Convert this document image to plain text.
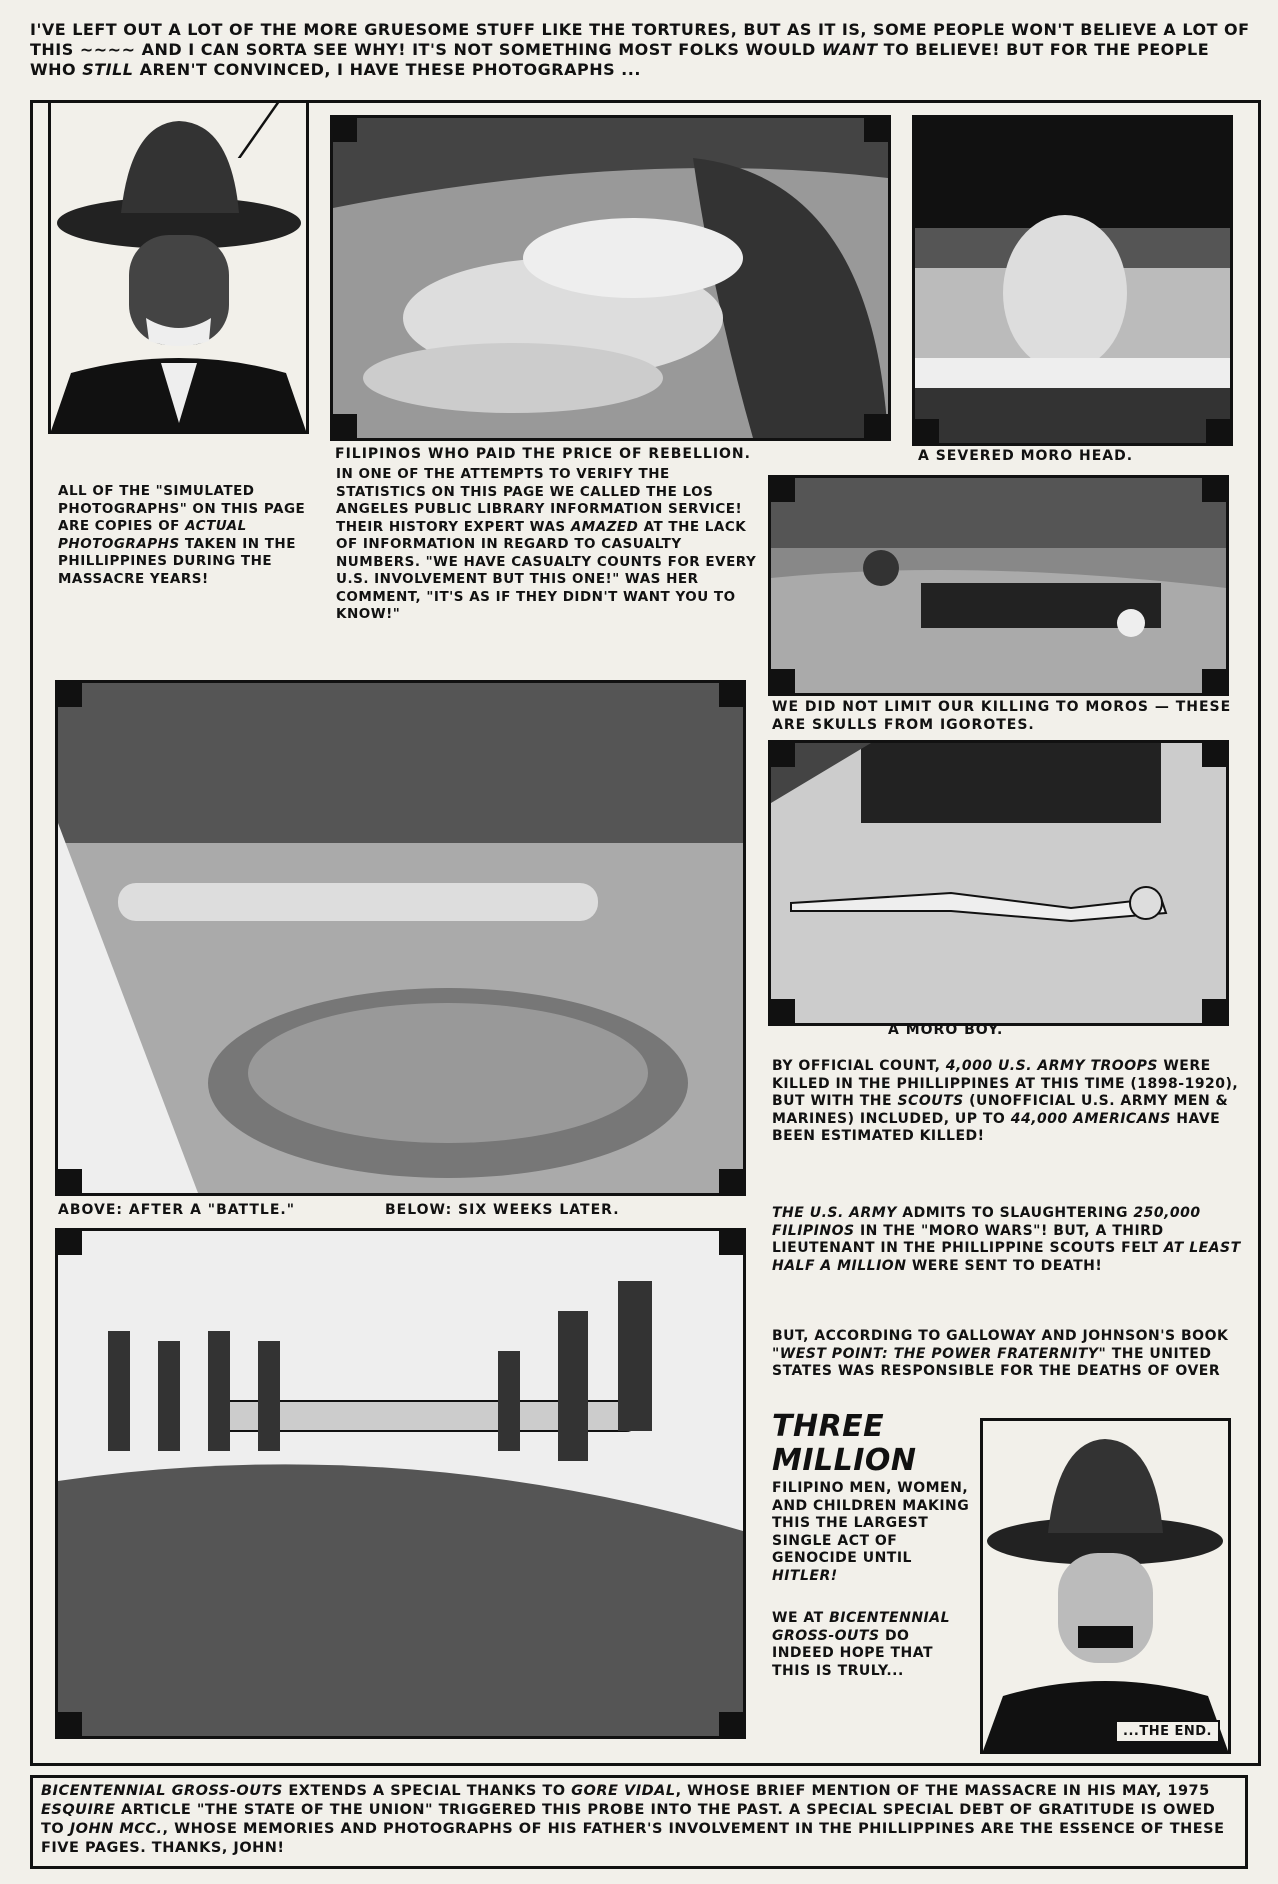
I'VE LEFT OUT A LOT OF THE MORE GRUESOME STUFF LIKE THE TORTURES, BUT AS IT IS, SOME PEOPLE WON'T BELIEVE A LOT OF THIS ~~~~ AND I CAN SORTA SEE WHY! IT'S NOT SOMETHING MOST FOLKS WOULD WANT TO BELIEVE! BUT FOR THE PEOPLE WHO STILL AREN'T CONVINCED, I HAVE THESE PHOTOGRAPHS ...
FILIPINOS WHO PAID THE PRICE OF REBELLION.	A SEVERED MORO HEAD.
ALL OF THE "SIMULATED PHOTOGRAPHS" ON THIS PAGE ARE COPIES OF ACTUAL PHOTOGRAPHS TAKEN IN THE PHILLIPPINES DURING THE MASSACRE YEARS!
IN ONE OF THE ATTEMPTS TO VERIFY THE STATISTICS ON THIS PAGE WE CALLED THE LOS ANGELES PUBLIC LIBRARY INFORMATION SERVICE! THEIR HISTORY EXPERT WAS AMAZED AT THE LACK OF INFORMATION IN REGARD TO CASUALTY NUMBERS. "WE HAVE CASUALTY COUNTS FOR EVERY U.S. INVOLVEMENT BUT THIS ONE!" WAS HER COMMENT, "IT'S AS IF THEY DIDN'T WANT YOU TO KNOW!"
WE DID NOT LIMIT OUR KILLING TO MOROS — THESE ARE SKULLS FROM IGOROTES.
ABOVE: AFTER A "BATTLE."	BELOW: SIX WEEKS LATER.
A MORO BOY.
BY OFFICIAL COUNT, 4,000 U.S. ARMY TROOPS WERE KILLED IN THE PHILLIPPINES AT THIS TIME (1898-1920), BUT WITH THE SCOUTS (UNOFFICIAL U.S. ARMY MEN & MARINES) INCLUDED, UP TO 44,000 AMERICANS HAVE BEEN ESTIMATED KILLED!
THE U.S. ARMY ADMITS TO SLAUGHTERING 250,000 FILIPINOS IN THE "MORO WARS"! BUT, A THIRD LIEUTENANT IN THE PHILLIPPINE SCOUTS FELT AT LEAST HALF A MILLION WERE SENT TO DEATH!
BUT, ACCORDING TO GALLOWAY AND JOHNSON'S BOOK "WEST POINT: THE POWER FRATERNITY" THE UNITED STATES WAS RESPONSIBLE FOR THE DEATHS OF OVER
THREE MILLION
FILIPINO MEN, WOMEN, AND CHILDREN MAKING THIS THE LARGEST SINGLE ACT OF GENOCIDE UNTIL HITLER!
WE AT BICENTENNIAL GROSS-OUTS DO INDEED HOPE THAT THIS IS TRULY...
...THE END.
BICENTENNIAL GROSS-OUTS EXTENDS A SPECIAL THANKS TO GORE VIDAL, WHOSE BRIEF MENTION OF THE MASSACRE IN HIS MAY, 1975 ESQUIRE ARTICLE "THE STATE OF THE UNION" TRIGGERED THIS PROBE INTO THE PAST. A SPECIAL SPECIAL DEBT OF GRATITUDE IS OWED TO JOHN MCC., WHOSE MEMORIES AND PHOTOGRAPHS OF HIS FATHER'S INVOLVEMENT IN THE PHILLIPPINES ARE THE ESSENCE OF THESE FIVE PAGES. THANKS, JOHN!
